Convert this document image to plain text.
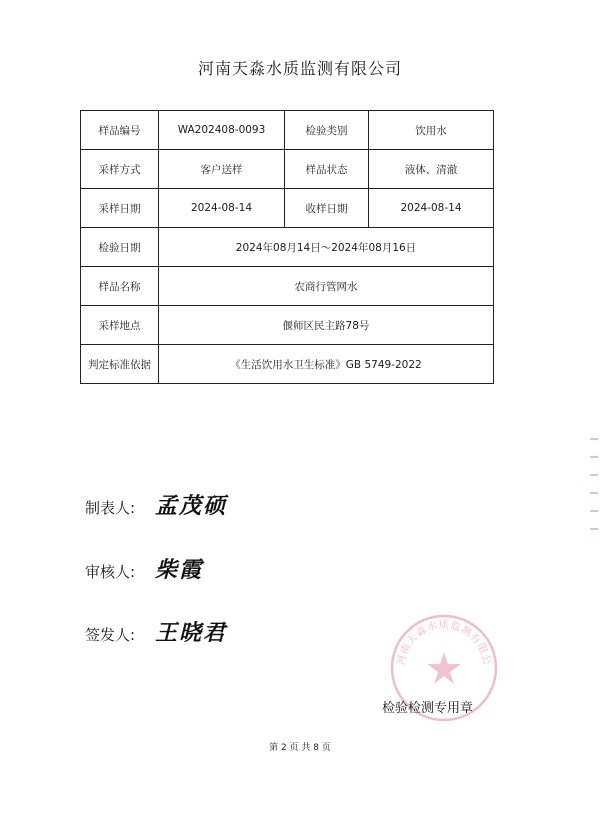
河南天淼水质监测有限公司
样品编号	WA202408-0093	检验类别	饮用水
采样方式	客户送样	样品状态	液体、清澈
采样日期	2024-08-14	收样日期	2024-08-14
检验日期	2024年08月14日～2024年08月16日		
样品名称	农商行管网水		
采样地点	偃师区民主路78号		
判定标准依据	《生活饮用水卫生标准》GB 5749-2022		
制表人: 孟茂硕
审核人: 柴霞
签发人: 王晓君
河南天淼水质监测有限公
检验检测专用章
第 2 页 共 8 页
